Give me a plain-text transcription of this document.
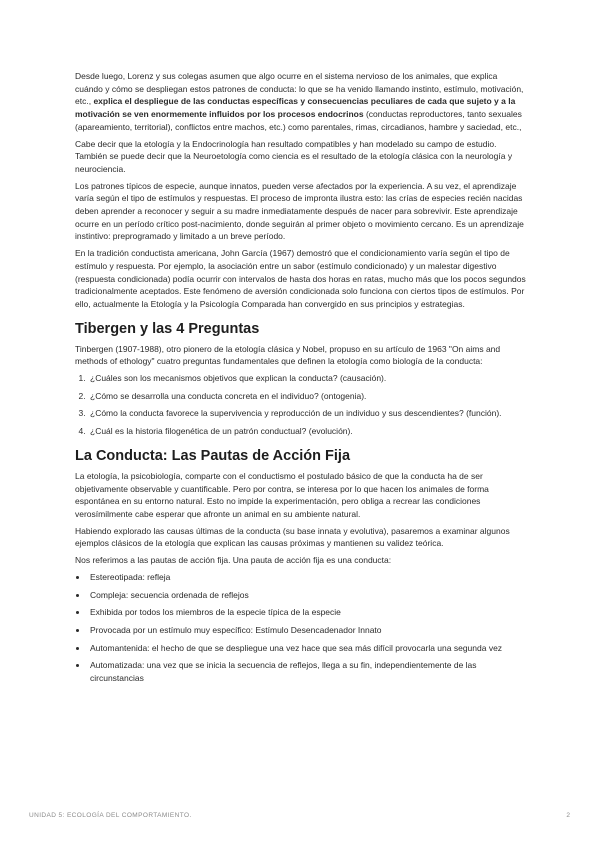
Desde luego, Lorenz y sus colegas asumen que algo ocurre en el sistema nervioso de los animales, que explica cuándo y cómo se despliegan estos patrones de conducta: lo que se ha venido llamando instinto, estímulo, motivación, etc., explica el despliegue de las conductas específicas y consecuencias peculiares de cada que sujeto y a la motivación se ven enormemente influidos por los procesos endocrinos (conductas reproductores, tanto sexuales (apareamiento, territorial), conflictos entre machos, etc.) como parentales, rimas, circadianos, hambre y saciedad, etc.,

Cabe decir que la etología y la Endocrinología han resultado compatibles y han modelado su campo de estudio. También se puede decir que la Neuroetología como ciencia es el resultado de la etología clásica con la neurología y neurociencia.

Los patrones típicos de especie, aunque innatos, pueden verse afectados por la experiencia. A su vez, el aprendizaje varía según el tipo de estímulos y respuestas. El proceso de impronta ilustra esto: las crías de especies recién nacidas deben aprender a reconocer y seguir a su madre inmediatamente después de nacer para sobrevivir. Este aprendizaje ocurre en un período crítico post-nacimiento, donde seguirán al primer objeto o movimiento cercano. Es un aprendizaje instintivo: preprogramado y limitado a un breve período.

En la tradición conductista americana, John García (1967) demostró que el condicionamiento varía según el tipo de estímulo y respuesta. Por ejemplo, la asociación entre un sabor (estímulo condicionado) y un malestar digestivo (respuesta condicionada) podía ocurrir con intervalos de hasta dos horas en ratas, mucho más que los pocos segundos tradicionalmente aceptados. Este fenómeno de aversión condicionada solo funciona con ciertos tipos de estímulos. Por ello, actualmente la Etología y la Psicología Comparada han convergido en sus principios y estrategias.

Tibergen y las 4 Preguntas

Tinbergen (1907-1988), otro pionero de la etología clásica y Nobel, propuso en su artículo de 1963 "On aims and methods of ethology" cuatro preguntas fundamentales que definen la etología como biología de la conducta:

1. ¿Cuáles son los mecanismos objetivos que explican la conducta? (causación).
2. ¿Cómo se desarrolla una conducta concreta en el individuo? (ontogenia).
3. ¿Cómo la conducta favorece la supervivencia y reproducción de un individuo y sus descendientes? (función).
4. ¿Cuál es la historia filogenética de un patrón conductual? (evolución).
La Conducta: Las Pautas de Acción Fija

La etología, la psicobiología, comparte con el conductismo el postulado básico de que la conducta ha de ser objetivamente observable y cuantificable. Pero por contra, se interesa por lo que hacen los animales de forma espontánea en su entorno natural. Esto no impide la experimentación, pero obliga a recrear las condiciones verosímilmente cabe esperar que afronte un animal en su ambiente natural.

Habiendo explorado las causas últimas de la conducta (su base innata y evolutiva), pasaremos a examinar algunos ejemplos clásicos de la etología que explican las causas próximas y mantienen su validez teórica.

Nos referimos a las pautas de acción fija. Una pauta de acción fija es una conducta:

• Estereotipada: refleja
• Compleja: secuencia ordenada de reflejos
• Exhibida por todos los miembros de la especie típica de la especie
• Provocada por un estímulo muy específico: Estímulo Desencadenador Innato
• Automantenida: el hecho de que se despliegue una vez hace que sea más difícil provocarla una segunda vez
• Automatizada: una vez que se inicia la secuencia de reflejos, llega a su fin, independientemente de las circunstancias
UNIDAD 5: ECOLOGÍA DEL COMPORTAMIENTO.	2
